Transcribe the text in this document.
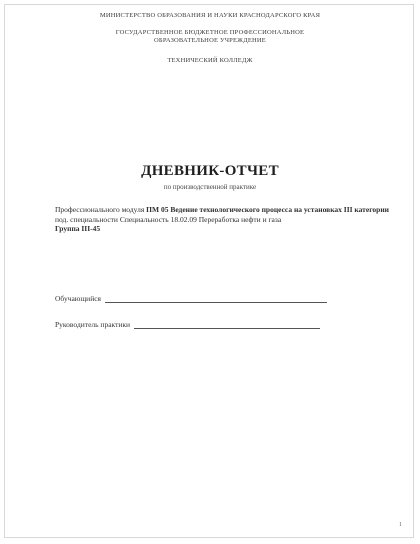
МИНИСТЕРСТВО ОБРАЗОВАНИЯ И НАУКИ КРАСНОДАРСКОГО КРАЯ
ГОСУДАРСТВЕННОЕ БЮДЖЕТНОЕ ПРОФЕССИОНАЛЬНОЕ
ОБРАЗОВАТЕЛЬНОЕ УЧРЕЖДЕНИЕ
ТЕХНИЧЕСКИЙ КОЛЛЕДЖ
ДНЕВНИК-ОТЧЕТ
по производственной практике
Профессионального модуля ПМ 05 Ведение технологического процесса на установках III категории
под. специальности Специальность 18.02.09 Переработка нефти и газа
Группа III-45
Обучающийся
Руководитель практики
1
